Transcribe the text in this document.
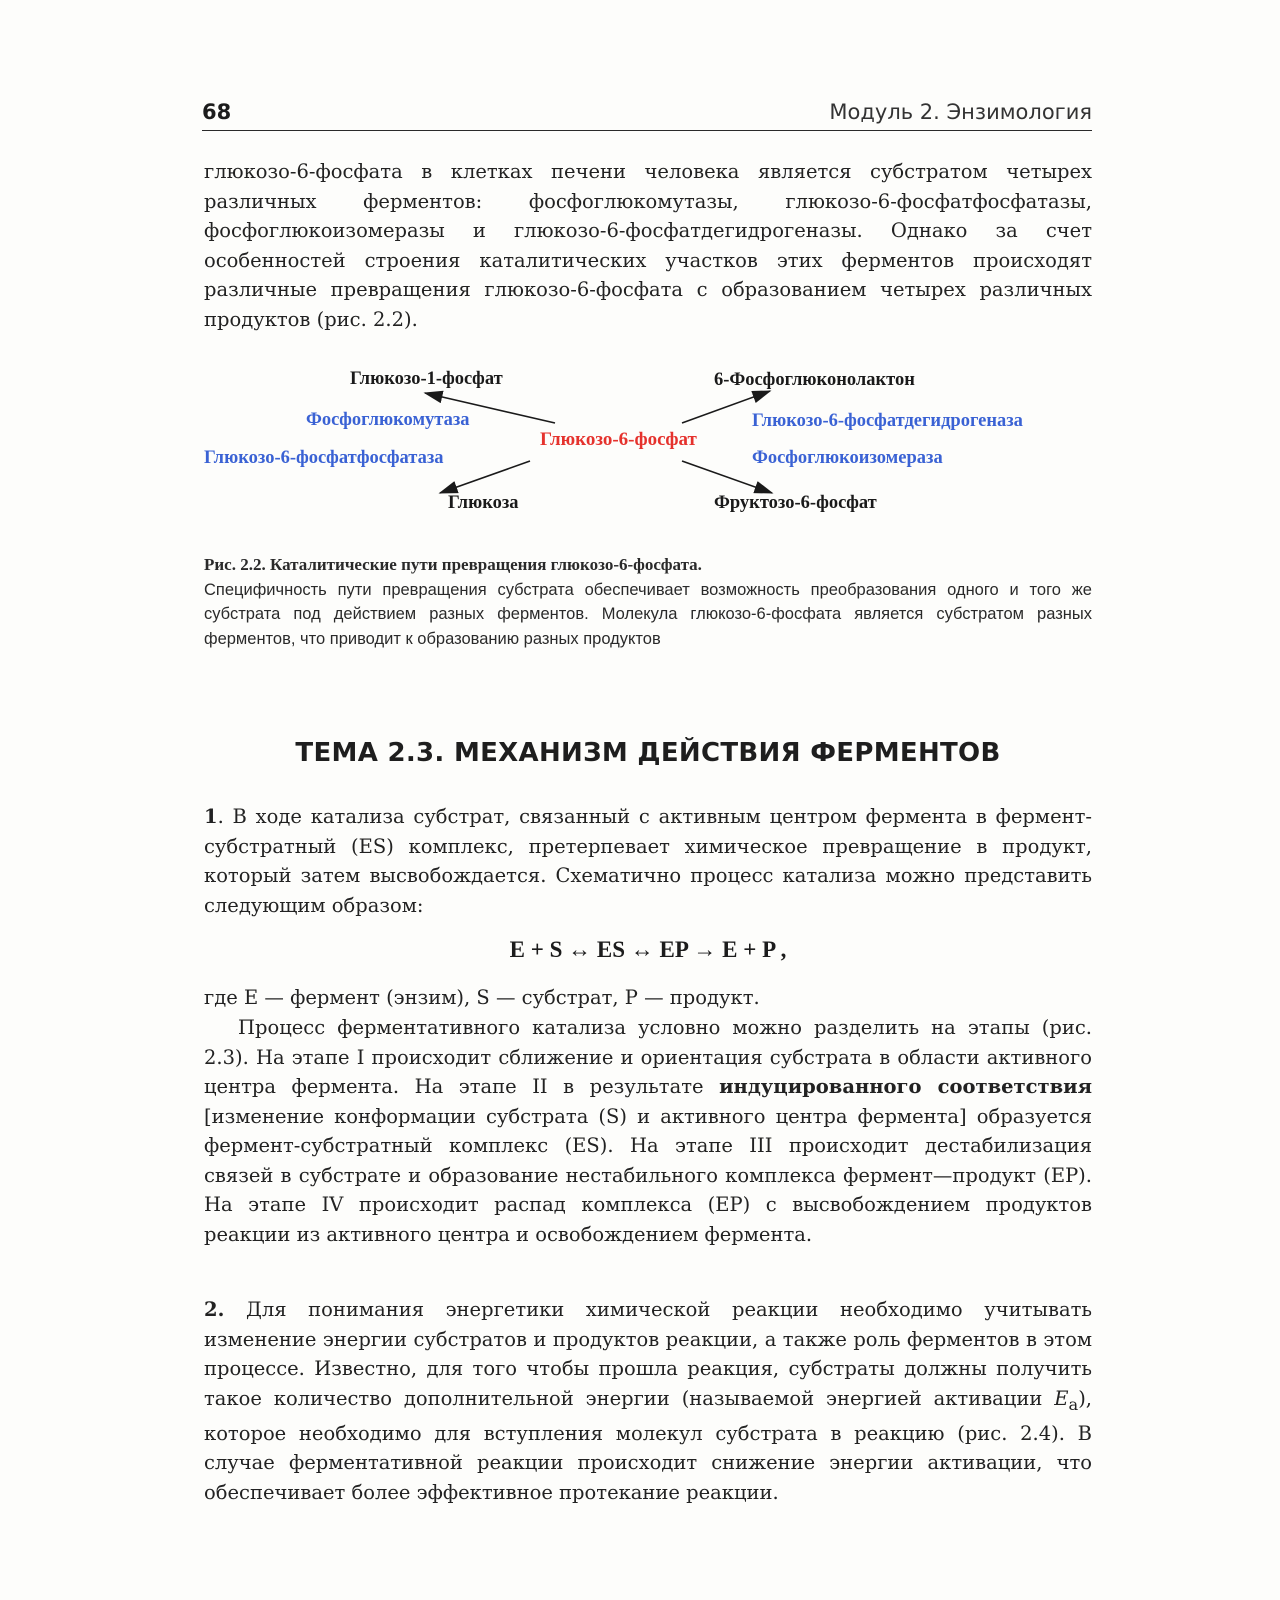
68	Модуль 2. Энзимология

глюкозо-6-фосфата в клетках печени человека является субстратом четырех различных ферментов: фосфоглюкомутазы, глюкозо-6-фосфатфосфатазы, фосфоглюкоизомеразы и глюкозо-6-фосфатдегидрогеназы. Однако за счет особенностей строения каталитических участков этих ферментов происходят различные превращения глюкозо-6-фосфата с образованием четырех различных продуктов (рис. 2.2).

Глюкозо-1-фосфат
Фосфоглюкомутаза
Глюкозо-6-фосфатфосфатаза
Глюкоза
Глюкозо-6-фосфат
6-Фосфоглюконолактон
Глюкозо-6-фосфатдегидрогеназа
Фосфоглюкоизомераза
Фруктозо-6-фосфат
Рис. 2.2. Каталитические пути превращения глюкозо-6-фосфата.
Специфичность пути превращения субстрата обеспечивает возможность преобразования одного и того же субстрата под действием разных ферментов. Молекула глюкозо-6-фосфата является субстратом разных ферментов, что приводит к образованию разных продуктов
ТЕМА 2.3. МЕХАНИЗМ ДЕЙСТВИЯ ФЕРМЕНТОВ

1. В ходе катализа субстрат, связанный с активным центром фермента в фермент-субстратный (ES) комплекс, претерпевает химическое превращение в продукт, который затем высвобождается. Схематично процесс катализа можно представить следующим образом:

E + S ↔ ES ↔ EP → E + P ,

где E — фермент (энзим), S — субстрат, P — продукт.

Процесс ферментативного катализа условно можно разделить на этапы (рис. 2.3). На этапе I происходит сближение и ориентация субстрата в области активного центра фермента. На этапе II в результате индуцированного соответствия [изменение конформации субстрата (S) и активного центра фермента] образуется фермент-субстратный комплекс (ES). На этапе III происходит дестабилизация связей в субстрате и образование нестабильного комплекса фермент—продукт (EP). На этапе IV происходит распад комплекса (EP) с высвобождением продуктов реакции из активного центра и освобождением фермента.

2. Для понимания энергетики химической реакции необходимо учитывать изменение энергии субстратов и продуктов реакции, а также роль ферментов в этом процессе. Известно, для того чтобы прошла реакция, субстраты должны получить такое количество дополнительной энергии (называемой энергией активации $E_a$), которое необходимо для вступления молекул субстрата в реакцию (рис. 2.4). В случае ферментативной реакции происходит снижение энергии активации, что обеспечивает более эффективное протекание реакции.
